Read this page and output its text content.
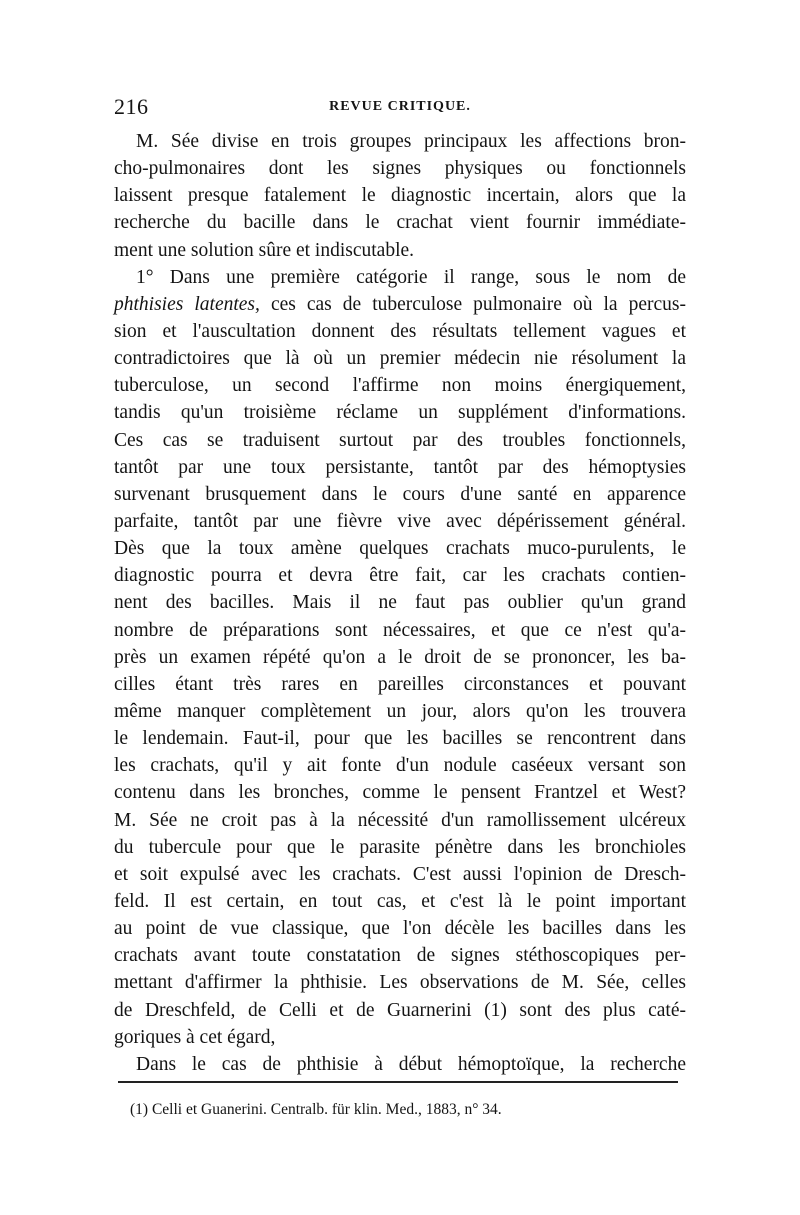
216	REVUE CRITIQUE.
M. Sée divise en trois groupes principaux les affections bron-
cho-pulmonaires dont les signes physiques ou fonctionnels
laissent presque fatalement le diagnostic incertain, alors que la
recherche du bacille dans le crachat vient fournir immédiate-
ment une solution sûre et indiscutable.
1° Dans une première catégorie il range, sous le nom de
phthisies latentes, ces cas de tuberculose pulmonaire où la percus-
sion et l'auscultation donnent des résultats tellement vagues et
contradictoires que là où un premier médecin nie résolument la
tuberculose, un second l'affirme non moins énergiquement,
tandis qu'un troisième réclame un supplément d'informations.
Ces cas se traduisent surtout par des troubles fonctionnels,
tantôt par une toux persistante, tantôt par des hémoptysies
survenant brusquement dans le cours d'une santé en apparence
parfaite, tantôt par une fièvre vive avec dépérissement général.
Dès que la toux amène quelques crachats muco-purulents, le
diagnostic pourra et devra être fait, car les crachats contien-
nent des bacilles. Mais il ne faut pas oublier qu'un grand
nombre de préparations sont nécessaires, et que ce n'est qu'a-
près un examen répété qu'on a le droit de se prononcer, les ba-
cilles étant très rares en pareilles circonstances et pouvant
même manquer complètement un jour, alors qu'on les trouvera
le lendemain. Faut-il, pour que les bacilles se rencontrent dans
les crachats, qu'il y ait fonte d'un nodule caséeux versant son
contenu dans les bronches, comme le pensent Frantzel et West?
M. Sée ne croit pas à la nécessité d'un ramollissement ulcéreux
du tubercule pour que le parasite pénètre dans les bronchioles
et soit expulsé avec les crachats. C'est aussi l'opinion de Dresch-
feld. Il est certain, en tout cas, et c'est là le point important
au point de vue classique, que l'on décèle les bacilles dans les
crachats avant toute constatation de signes stéthoscopiques per-
mettant d'affirmer la phthisie. Les observations de M. Sée, celles
de Dreschfeld, de Celli et de Guarnerini (1) sont des plus caté-
goriques à cet égard,
Dans le cas de phthisie à début hémoptoïque, la recherche
(1) Celli et Guanerini. Centralb. für klin. Med., 1883, n° 34.
